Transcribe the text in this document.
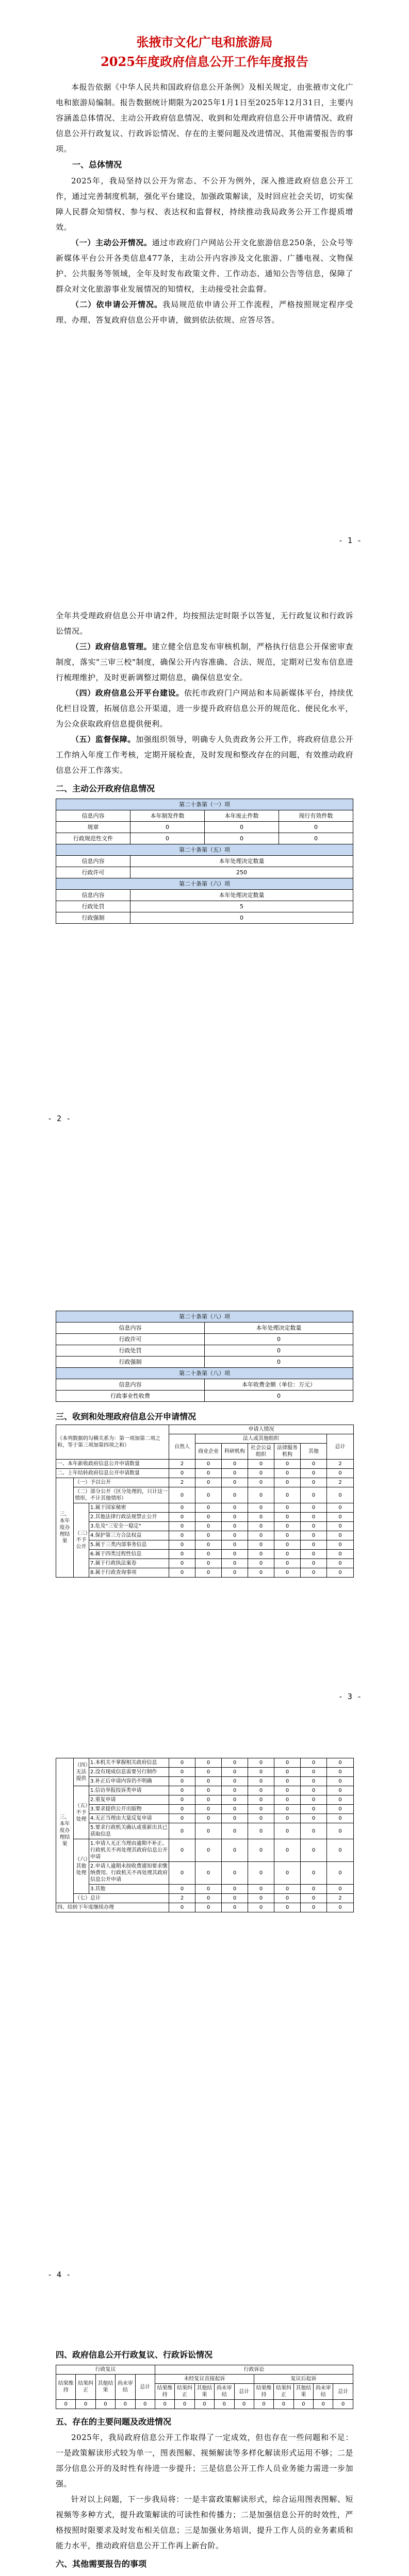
张掖市文化广电和旅游局
2025年度政府信息公开工作年度报告

本报告依据《中华人民共和国政府信息公开条例》及相关规定，由张掖市文化广电和旅游局编制。报告数据统计期限为2025年1月1日至2025年12月31日，主要内容涵盖总体情况、主动公开政府信息情况、收到和处理政府信息公开申请情况、政府信息公开行政复议、行政诉讼情况、存在的主要问题及改进情况、其他需要报告的事项。

一、总体情况

2025年，我局坚持以公开为常态、不公开为例外，深入推进政府信息公开工作，通过完善制度机制，强化平台建设，加强政策解读，及时回应社会关切，切实保障人民群众知情权、参与权、表达权和监督权，持续推动我局政务公开工作提质增效。

（一）主动公开情况。通过市政府门户网站公开文化旅游信息250条，公众号等新媒体平台公开各类信息477条，主动公开内容涉及文化旅游、广播电视、文物保护、公共服务等领域，全年及时发布政策文件、工作动态、通知公告等信息，保障了群众对文化旅游事业发展情况的知情权，主动接受社会监督。

（二）依申请公开情况。我局规范依申请公开工作流程，严格按照规定程序受理、办理、答复政府信息公开申请，做到依法依规、应答尽答。

- 1 -

全年共受理政府信息公开申请2件，均按照法定时限予以答复，无行政复议和行政诉讼情况。

（三）政府信息管理。建立健全信息发布审核机制，严格执行信息公开保密审查制度，落实"三审三校"制度，确保公开内容准确、合法、规范，定期对已发布信息进行梳理维护，及时更新调整过期信息，确保信息安全。

（四）政府信息公开平台建设。依托市政府门户网站和本局新媒体平台，持续优化栏目设置，拓展信息公开渠道，进一步提升政府信息公开的规范化、便民化水平，为公众获取政府信息提供便利。

（五）监督保障。加强组织领导，明确专人负责政务公开工作，将政府信息公开工作纳入年度工作考核，定期开展检查，及时发现和整改存在的问题，有效推动政府信息公开工作落实。

二、主动公开政府信息情况
第二十条第（一）项			
信息内容	本年制发件数	本年废止件数	现行有效件数
规章	0	0	0
行政规范性文件	0	0	0
第二十条第（五）项			
信息内容	本年处理决定数量		
行政许可	250		
第二十条第（六）项			
信息内容	本年处理决定数量		
行政处罚	5		
行政强制	0		
- 2 -
第二十条第（八）项	
信息内容	本年处理决定数量
行政许可	0
行政处罚	0
行政强制	0
第二十条第（八）项	
信息内容	本年收费金额（单位：万元）
行政事业性收费	0
三、收到和处理政府信息公开申请情况
（本列数据的勾稽关系为：第一项加第二项之和，等于第三项加第四项之和）			申请人情况						
			自然人	法人或其他组织					总计
				商业企业	科研机构	社会公益组织	法律服务机构	其他	
一、本年新收政府信息公开申请数量			2	0	0	0	0	0	2
二、上年结转政府信息公开申请数量			0	0	0	0	0	0	0
三、本年度办理结果	（一）予以公开		2	0	0	0	0	0	2
	（二）部分公开（区分处理的，只计这一情形，不计其他情形）		0	0	0	0	0	0	0
	（三）不予公开	1.属于国家秘密	0	0	0	0	0	0	0
		2.其他法律行政法规禁止公开	0	0	0	0	0	0	0
		3.危及"三安全一稳定"	0	0	0	0	0	0	0
		4.保护第三方合法权益	0	0	0	0	0	0	0
		5.属于三类内部事务信息	0	0	0	0	0	0	0
		6.属于四类过程性信息	0	0	0	0	0	0	0
		7.属于行政执法案卷	0	0	0	0	0	0	0
		8.属于行政查询事项	0	0	0	0	0	0	0
- 3 -
三、本年度办理结果	（四）无法提供	1.本机关不掌握相关政府信息	0	0	0	0	0	0	0
		2.没有现成信息需要另行制作	0	0	0	0	0	0	0
		3.补正后申请内容仍不明确	0	0	0	0	0	0	0
	（五）不予处理	1.信访举报投诉类申请	0	0	0	0	0	0	0
		2.重复申请	0	0	0	0	0	0	0
		3.要求提供公开出版物	0	0	0	0	0	0	0
		4.无正当理由大量反复申请	0	0	0	0	0	0	0
		5.要求行政机关确认或重新出具已获取信息	0	0	0	0	0	0	0
	（六）其他处理	1.申请人无正当理由逾期不补正、行政机关不再处理其政府信息公开申请	0	0	0	0	0	0	0
		2.申请人逾期未按收费通知要求缴纳费用、行政机关不再处理其政府信息公开申请	0	0	0	0	0	0	0
		3.其他	0	0	0	0	0	0	0
	（七）总计		2	0	0	0	0	0	2
四、结转下年度继续办理			0	0	0	0	0	0	0
- 4 -
四、政府信息公开行政复议、行政诉讼情况
行政复议					行政诉讼									
结果维持	结果纠正	其他结果	尚未审结	总计	未经复议直接起诉					复议后起诉				
					结果维持	结果纠正	其他结果	尚未审结	总计	结果维持	结果纠正	其他结果	尚未审结	总计
0	0	0	0	0	0	0	0	0	0	0	0	0	0	0
五、存在的主要问题及改进情况

2025年，我局政府信息公开工作取得了一定成效，但也存在一些问题和不足：一是政策解读形式较为单一，图表图解、视频解读等多样化解读形式运用不够；二是部分信息公开的及时性有待进一步提升；三是信息公开工作人员业务能力需进一步加强。

针对以上问题，下一步我局将：一是丰富政策解读形式，综合运用图表图解、短视频等多种方式，提升政策解读的可读性和传播力；二是加强信息公开的时效性，严格按照时限要求及时发布相关信息；三是加强业务培训，提升工作人员的业务素质和能力水平，推动政府信息公开工作再上新台阶。

六、其他需要报告的事项
